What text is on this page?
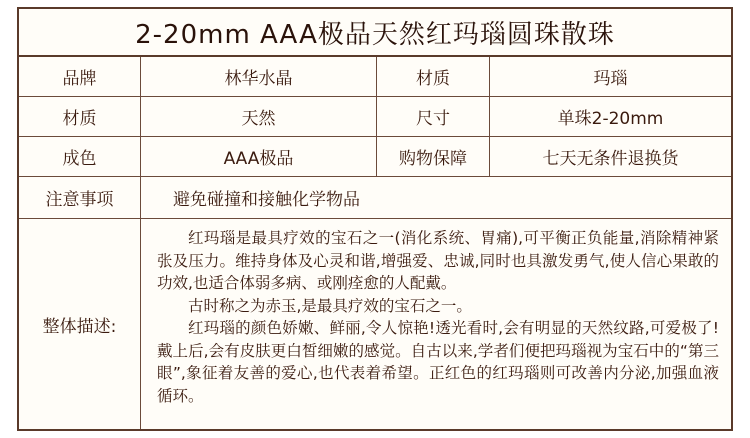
2-20mm AAA极品天然红玛瑙圆珠散珠
品牌	林华水晶	材质	玛瑙
材质	天然	尺寸	单珠2-20mm
成色	AAA极品	购物保障	七天无条件退换货
注意事项	避免碰撞和接触化学物品
整体描述:

红玛瑙是最具疗效的宝石之一(消化系统、胃痛),可平衡正负能量,消除精神紧张及压力。维持身体及心灵和谐,增强爱、忠诚,同时也具激发勇气,使人信心果敢的功效,也适合体弱多病、或刚痊愈的人配戴。

古时称之为赤玉,是最具疗效的宝石之一。

红玛瑙的颜色娇嫩、鲜丽,令人惊艳!透光看时,会有明显的天然纹路,可爱极了!戴上后,会有皮肤更白皙细嫩的感觉。自古以来,学者们便把玛瑙视为宝石中的“第三眼”,象征着友善的爱心,也代表着希望。正红色的红玛瑙则可改善内分泌,加强血液循环。
